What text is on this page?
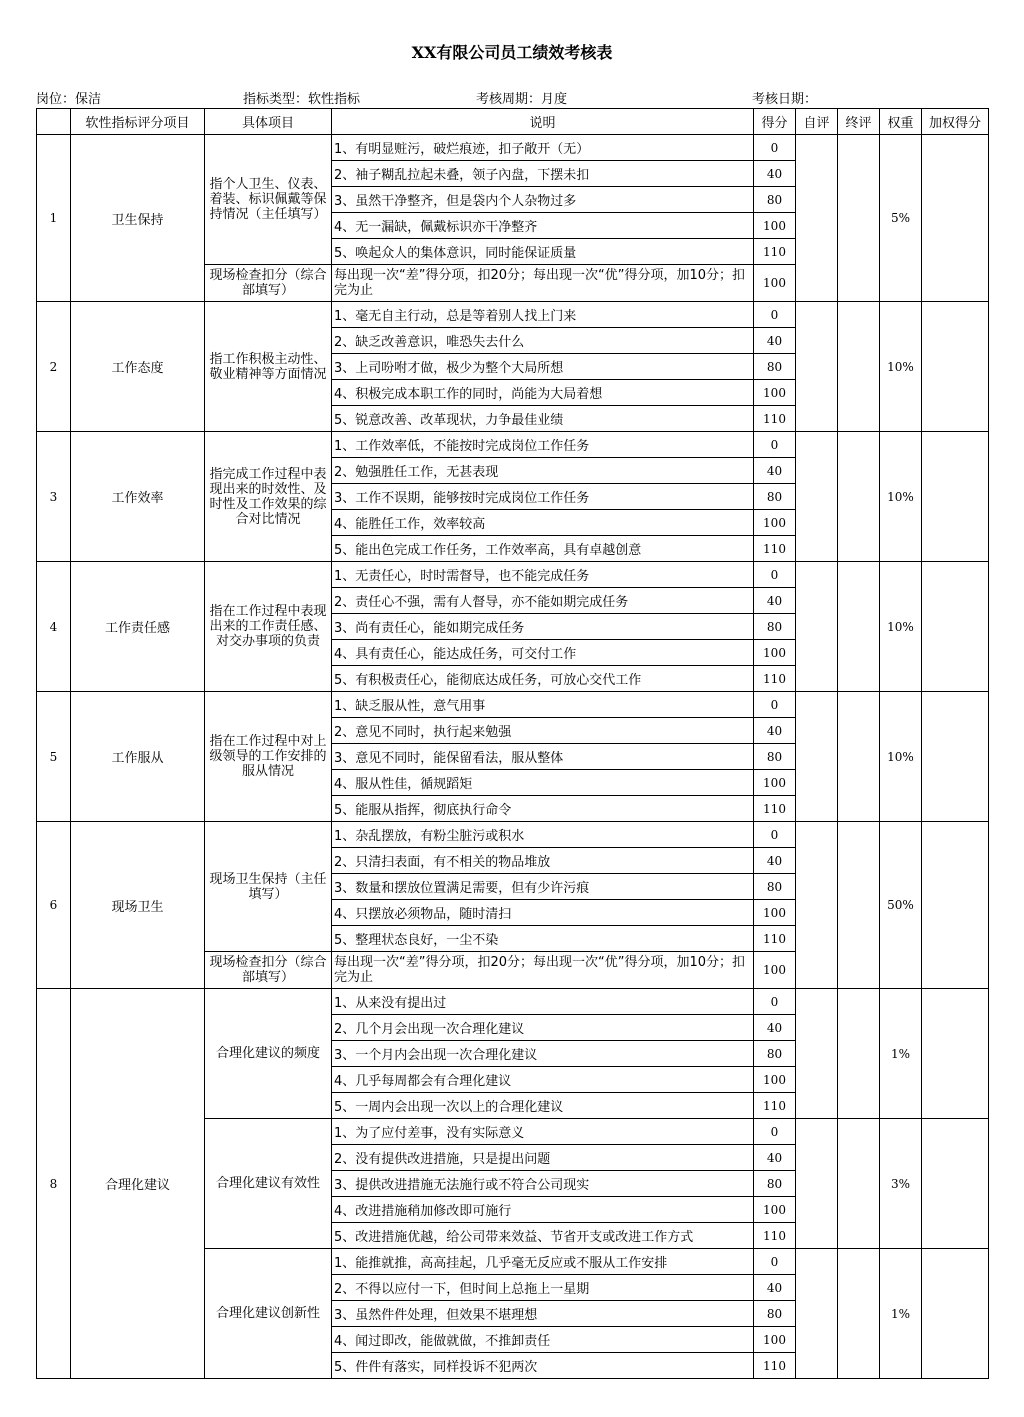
XX有限公司员工绩效考核表
岗位：保洁	指标类型：软性指标	考核周期：月度	考核日期：
	软性指标评分项目	具体项目	说明	得分	自评	终评	权重	加权得分
1	卫生保持	指个人卫生、仪表、着装、标识佩戴等保持情况（主任填写）	1、有明显赃污，破烂痕迹，扣子敞开（无）	0			5%	
			2、袖子糊乱拉起未叠，领子內盘，下摆未扣	40				
			3、虽然干净整齐，但是袋内个人杂物过多	80				
			4、无一漏缺，佩戴标识亦干净整齐	100				
			5、唤起众人的集体意识，同时能保证质量	110				
		现场检查扣分（综合部填写）	每出现一次“差”得分项，扣20分；每出现一次“优”得分项，加10分；扣完为止	100				
2	工作态度	指工作积极主动性、敬业精神等方面情况	1、毫无自主行动，总是等着别人找上门来	0			10%	
			2、缺乏改善意识，唯恐失去什么	40				
			3、上司吩咐才做，极少为整个大局所想	80				
			4、积极完成本职工作的同时，尚能为大局着想	100				
			5、锐意改善、改革现状，力争最佳业绩	110				
3	工作效率	指完成工作过程中表现出来的时效性、及时性及工作效果的综合对比情况	1、工作效率低，不能按时完成岗位工作任务	0			10%	
			2、勉强胜任工作，无甚表现	40				
			3、工作不误期，能够按时完成岗位工作任务	80				
			4、能胜任工作，效率较高	100				
			5、能出色完成工作任务，工作效率高，具有卓越创意	110				
4	工作责任感	指在工作过程中表现出来的工作责任感、对交办事项的负责	1、无责任心，时时需督导，也不能完成任务	0			10%	
			2、责任心不强，需有人督导，亦不能如期完成任务	40				
			3、尚有责任心，能如期完成任务	80				
			4、具有责任心，能达成任务，可交付工作	100				
			5、有积极责任心，能彻底达成任务，可放心交代工作	110				
5	工作服从	指在工作过程中对上级领导的工作安排的服从情况	1、缺乏服从性，意气用事	0			10%	
			2、意见不同时，执行起来勉强	40				
			3、意见不同时，能保留看法，服从整体	80				
			4、服从性佳，循规蹈矩	100				
			5、能服从指挥，彻底执行命令	110				
6	现场卫生	现场卫生保持（主任填写）	1、杂乱摆放，有粉尘脏污或积水	0			50%	
			2、只清扫表面，有不相关的物品堆放	40				
			3、数量和摆放位置满足需要，但有少许污痕	80				
			4、只摆放必须物品，随时清扫	100				
			5、整理状态良好，一尘不染	110				
		现场检查扣分（综合部填写）	每出现一次“差”得分项，扣20分；每出现一次“优”得分项，加10分；扣完为止	100				
8	合理化建议	合理化建议的频度	1、从来没有提出过	0			1%	
			2、几个月会出现一次合理化建议	40				
			3、一个月内会出现一次合理化建议	80				
			4、几乎每周都会有合理化建议	100				
			5、一周内会出现一次以上的合理化建议	110				
		合理化建议有效性	1、为了应付差事，没有实际意义	0			3%	
			2、没有提供改进措施，只是提出问题	40				
			3、提供改进措施无法施行或不符合公司现实	80				
			4、改进措施稍加修改即可施行	100				
			5、改进措施优越，给公司带来效益、节省开支或改进工作方式	110				
		合理化建议创新性	1、能推就推，高高挂起，几乎毫无反应或不服从工作安排	0			1%	
			2、不得以应付一下，但时间上总拖上一星期	40				
			3、虽然件件处理，但效果不堪理想	80				
			4、闻过即改，能做就做，不推卸责任	100				
			5、件件有落实，同样投诉不犯两次	110				
